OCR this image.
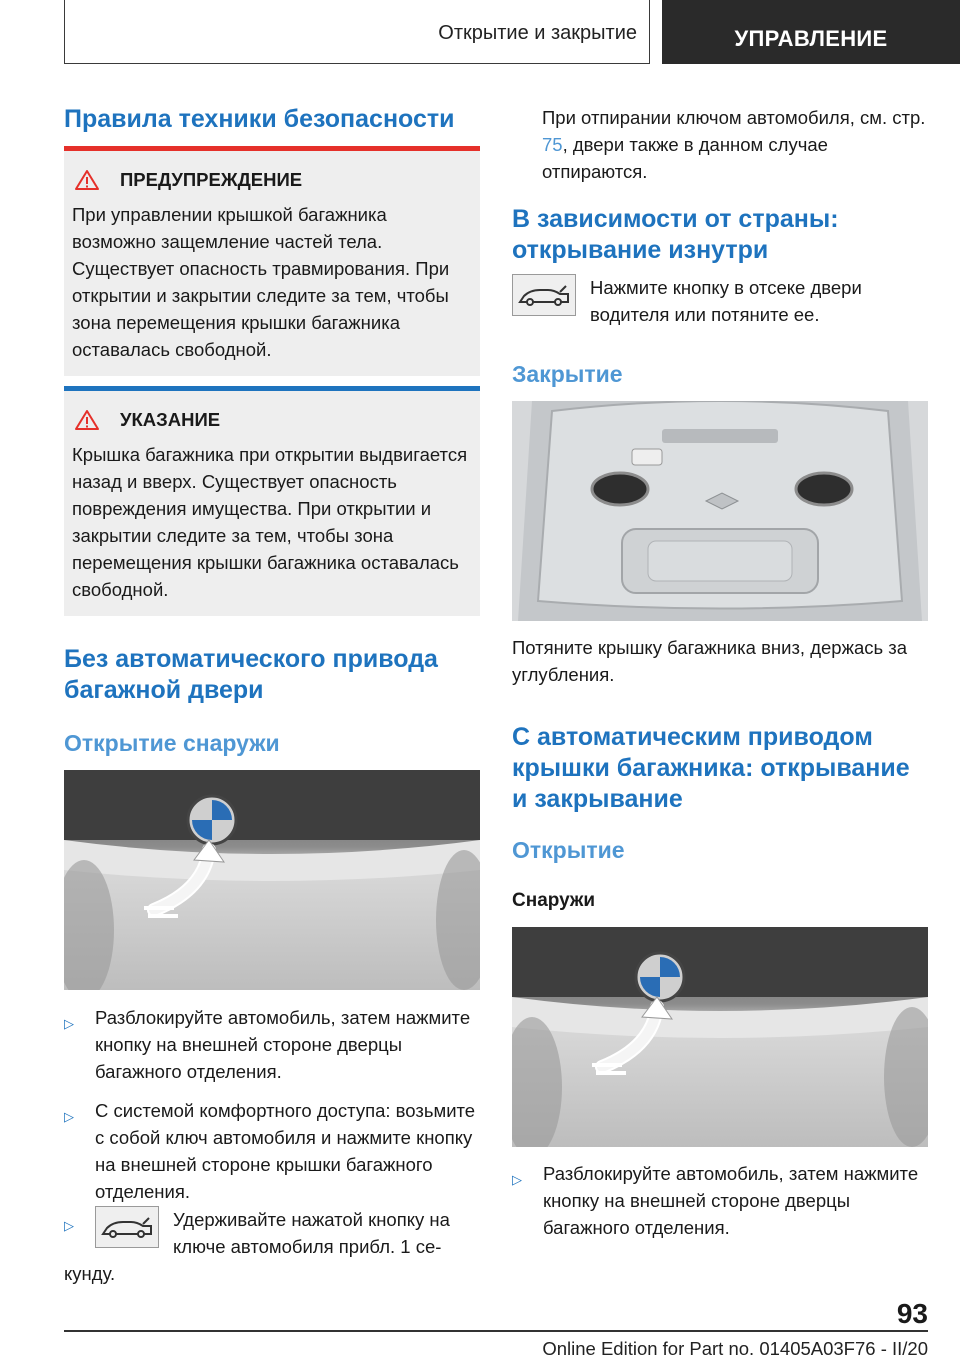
Открытие и закрытие	УПРАВЛЕНИЕ
Правила техники безопасности
ПРЕДУПРЕЖДЕНИЕ
При управлении крышкой багажника возможно защемление частей тела. Существует опасность травмирования. При открытии и закрытии следите за тем, чтобы зона перемещения крышки багажника оставалась свободной.
УКАЗАНИЕ
Крышка багажника при открытии выдвигается назад и вверх. Существует опасность повреждения имущества. При открытии и закрытии следите за тем, чтобы зона перемещения крышки багажника оставалась свободной.
Без автоматического привода багажной двери
Открытие снаружи
▷	Разблокируйте автомобиль, затем нажмите кнопку на внешней стороне дверцы багажного отделения.
▷	С системой комфортного доступа: возьмите с собой ключ автомобиля и нажмите кнопку на внешней стороне крышки багажного отделения.
▷	Удерживайте нажатой кнопку на
ключе автомобиля прибл. 1 се-
кунду.
При отпирании ключом автомобиля, см. стр. 75, двери также в данном случае отпираются.
В зависимости от страны: открывание изнутри
Нажмите кнопку в отсеке двери водителя или потяните ее.
Закрытие
Потяните крышку багажника вниз, держась за углубления.
С автоматическим приводом крышки багажника: открывание и закрывание
Открытие
Снаружи
▷	Разблокируйте автомобиль, затем нажмите кнопку на внешней стороне дверцы багажного отделения.
93
Online Edition for Part no. 01405A03F76 - II/20
